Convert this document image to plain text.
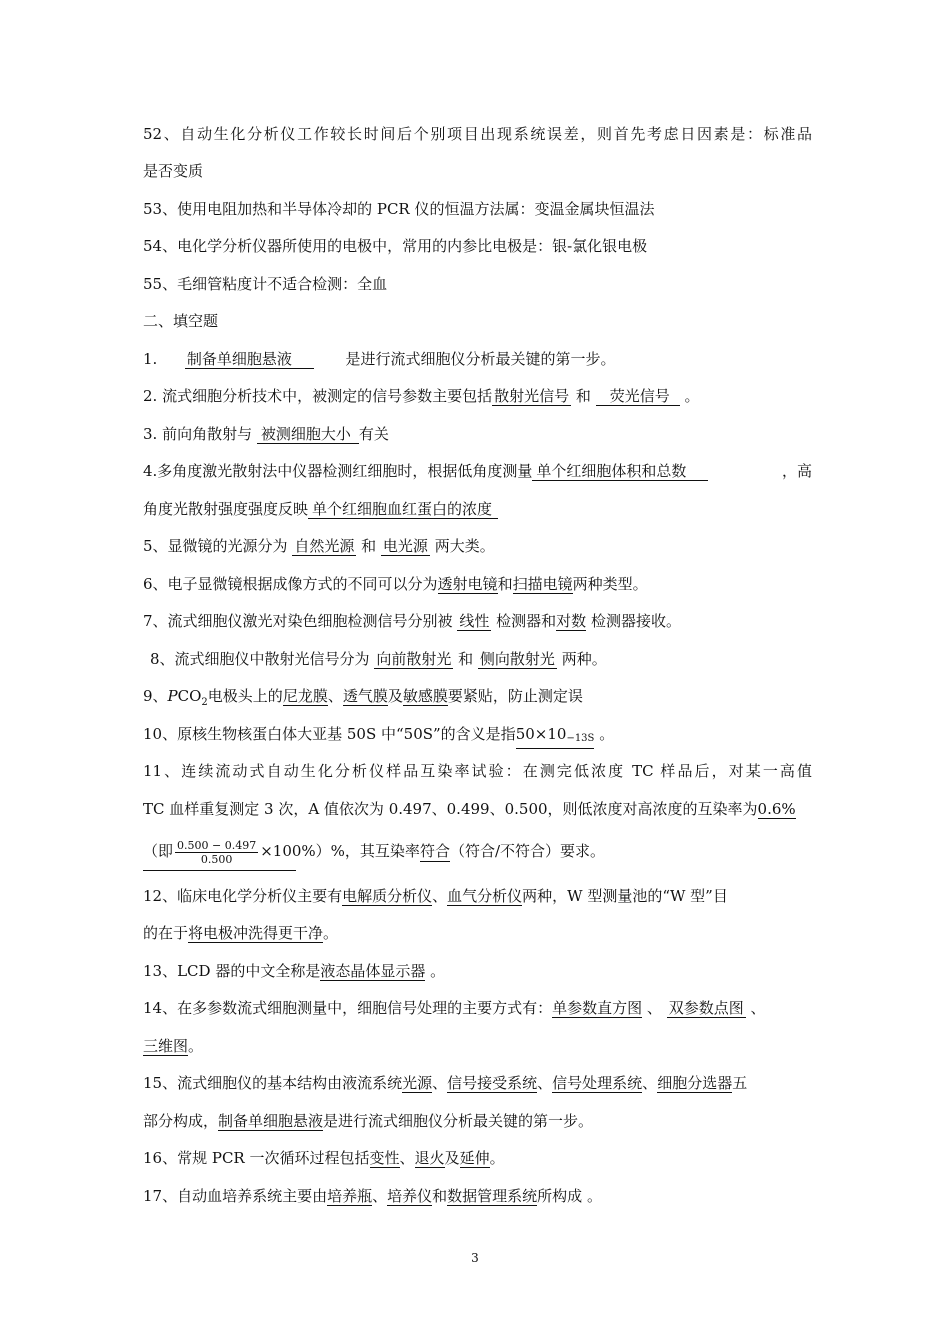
52、自动生化分析仪工作较长时间后个别项目出现系统误差，则首先考虑日因素是：标准品
是否变质
53、使用电阻加热和半导体冷却的 PCR 仪的恒温方法属：变温金属块恒温法
54、电化学分析仪器所使用的电极中，常用的内参比电极是：银-氯化银电极
55、毛细管粘度计不适合检测：全血
二、填空题
1. 制备单细胞悬液	是进行流式细胞仪分析最关键的第一步。
2. 流式细胞分析技术中，被测定的信号参数主要包括 散射光信号 和 荧光信号 。
3. 前向角散射与 被测细胞大小 有关
4.多角度激光散射法中仪器检测红细胞时，根据低角度测量 单个红细胞体积和总数	，高
角度光散射强度强度反映 单个红细胞血红蛋白的浓度
5、显微镜的光源分为 自然光源 和 电光源 两大类。
6、电子显微镜根据成像方式的不同可以分为透射电镜和扫描电镜两种类型。
7、流式细胞仪激光对染色细胞检测信号分别被 线性 检测器和对数 检测器接收。
8、流式细胞仪中散射光信号分为 向前散射光 和 侧向散射光 两种。
9、$PCO_2$电极头上的尼龙膜、透气膜及敏感膜要紧贴，防止测定误
10、原核生物核蛋白体大亚基 50S 中“50S”的含义是指50×10−13S 。
11、连续流动式自动生化分析仪样品互染率试验：在测完低浓度 TC 样品后，对某一高值
TC 血样重复测定 3 次，A 值依次为 0.497、0.499、0.500，则低浓度对高浓度的互染率为0.6%
（即 $\frac{0.500 - 0.497}{0.500} \times 100\%)\%$，其互染率符合（符合/不符合）要求。
12、临床电化学分析仪主要有电解质分析仪、血气分析仪两种，W 型测量池的“W 型”目
的在于将电极冲洗得更干净。
13、LCD 器的中文全称是液态晶体显示器 。
14、在多参数流式细胞测量中，细胞信号处理的主要方式有：单参数直方图 、 双参数点图 、
三维图。
15、流式细胞仪的基本结构由液流系统光源、信号接受系统、信号处理系统、细胞分选器五
部分构成，制备单细胞悬液是进行流式细胞仪分析最关键的第一步。
16、常规 PCR 一次循环过程包括变性、退火及延伸。
17、自动血培养系统主要由培养瓶、培养仪和数据管理系统所构成 。
3
